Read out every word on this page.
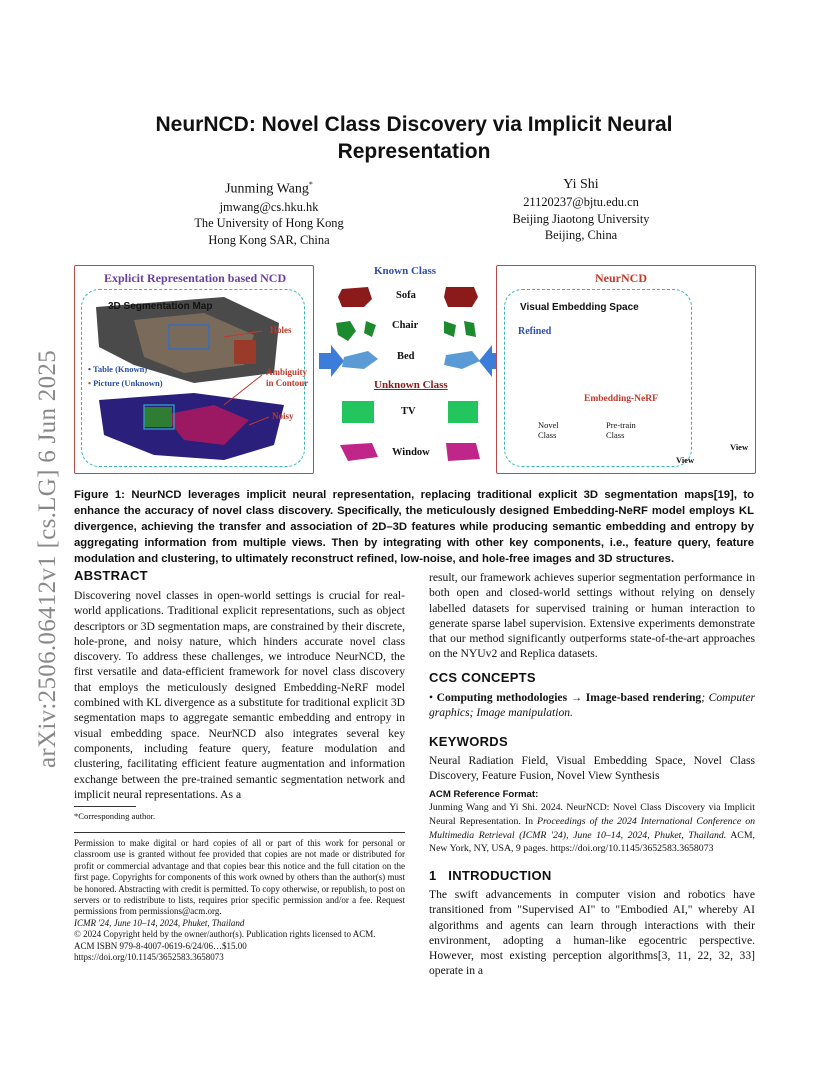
arXiv:2506.06412v1 [cs.LG] 6 Jun 2025
NeurNCD: Novel Class Discovery via Implicit Neural Representation
Junming Wang*
jmwang@cs.hku.hk
The University of Hong Kong
Hong Kong SAR, China
Yi Shi
21120237@bjtu.edu.cn
Beijing Jiaotong University
Beijing, China
Explicit Representation based NCD
3D Segmentation Map
Holes
Ambiguity
in Contour
Noisy
• Table (Known)
• Picture (Unknown)
Known Class
Sofa
Chair
Bed
Unknown Class
TV
Window
NeurNCD
Visual Embedding Space
Refined
Embedding-NeRF
Novel
Class
Pre-train
Class
View
View
Figure 1: NeurNCD leverages implicit neural representation, replacing traditional explicit 3D segmentation maps[19], to enhance the accuracy of novel class discovery. Specifically, the meticulously designed Embedding-NeRF model employs KL divergence, achieving the transfer and association of 2D–3D features while producing semantic embedding and entropy by aggregating information from multiple views. Then by integrating with other key components, i.e., feature query, feature modulation and clustering, to ultimately reconstruct refined, low-noise, and hole-free images and 3D structures.
ABSTRACT
Discovering novel classes in open-world settings is crucial for real-world applications. Traditional explicit representations, such as object descriptors or 3D segmentation maps, are constrained by their discrete, hole-prone, and noisy nature, which hinders accurate novel class discovery. To address these challenges, we introduce NeurNCD, the first versatile and data-efficient framework for novel class discovery that employs the meticulously designed Embedding-NeRF model combined with KL divergence as a substitute for traditional explicit 3D segmentation maps to aggregate semantic embedding and entropy in visual embedding space. NeurNCD also integrates several key components, including feature query, feature modulation and clustering, facilitating efficient feature augmentation and information exchange between the pre-trained semantic segmentation network and implicit neural representations. As a
*Corresponding author.
Permission to make digital or hard copies of all or part of this work for personal or classroom use is granted without fee provided that copies are not made or distributed for profit or commercial advantage and that copies bear this notice and the full citation on the first page. Copyrights for components of this work owned by others than the author(s) must be honored. Abstracting with credit is permitted. To copy otherwise, or republish, to post on servers or to redistribute to lists, requires prior specific permission and/or a fee. Request permissions from permissions@acm.org.
ICMR '24, June 10–14, 2024, Phuket, Thailand
© 2024 Copyright held by the owner/author(s). Publication rights licensed to ACM.
ACM ISBN 979-8-4007-0619-6/24/06…$15.00
https://doi.org/10.1145/3652583.3658073
result, our framework achieves superior segmentation performance in both open and closed-world settings without relying on densely labelled datasets for supervised training or human interaction to generate sparse label supervision. Extensive experiments demonstrate that our method significantly outperforms state-of-the-art approaches on the NYUv2 and Replica datasets.
CCS CONCEPTS
• Computing methodologies → Image-based rendering; Computer graphics; Image manipulation.
KEYWORDS
Neural Radiation Field, Visual Embedding Space, Novel Class Discovery, Feature Fusion, Novel View Synthesis
ACM Reference Format:
Junming Wang and Yi Shi. 2024. NeurNCD: Novel Class Discovery via Implicit Neural Representation. In Proceedings of the 2024 International Conference on Multimedia Retrieval (ICMR '24), June 10–14, 2024, Phuket, Thailand. ACM, New York, NY, USA, 9 pages. https://doi.org/10.1145/3652583.3658073
1 INTRODUCTION
The swift advancements in computer vision and robotics have transitioned from "Supervised AI" to "Embodied AI," whereby AI algorithms and agents can learn through interactions with their environment, adopting a human-like egocentric perspective. However, most existing perception algorithms[3, 11, 22, 32, 33] operate in a
